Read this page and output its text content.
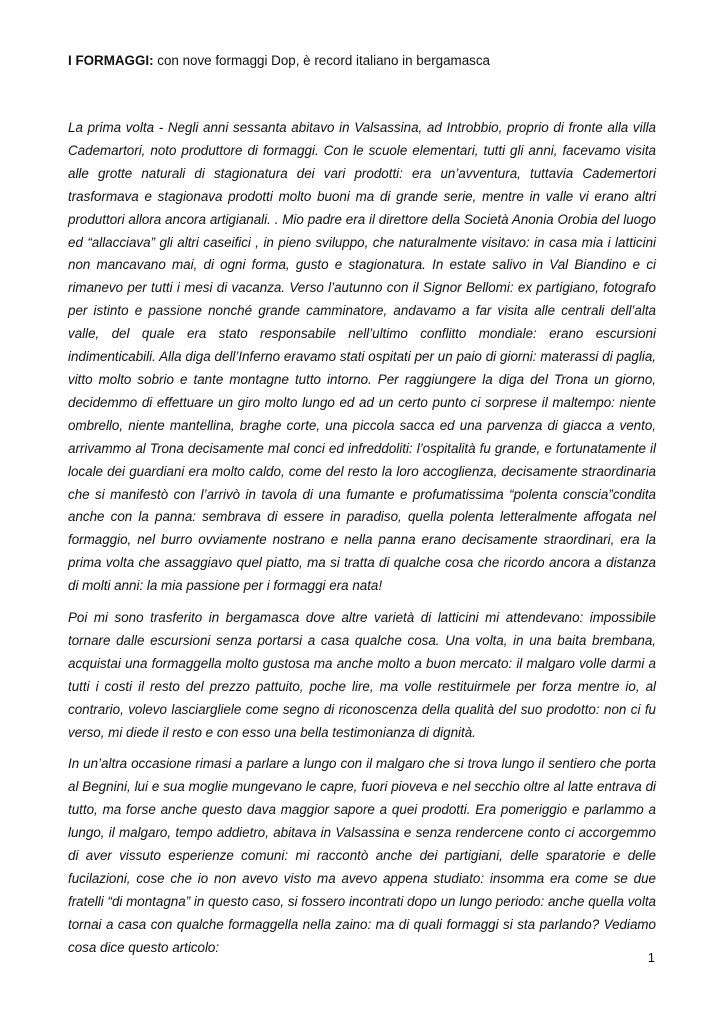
I FORMAGGI: con nove formaggi Dop, è record italiano in bergamasca

La prima volta - Negli anni sessanta abitavo in Valsassina, ad Introbbio, proprio di fronte alla villa Cademartori, noto produttore di formaggi. Con le scuole elementari, tutti gli anni, facevamo visita alle grotte naturali di stagionatura dei vari prodotti: era un’avventura, tuttavia Cademertori trasformava e stagionava prodotti molto buoni ma di grande serie, mentre in valle vi erano altri produttori allora ancora artigianali. . Mio padre era il direttore della Società Anonia Orobia del luogo ed “allacciava” gli altri caseifici , in pieno sviluppo, che naturalmente visitavo: in casa mia i latticini non mancavano mai, di ogni forma, gusto e stagionatura. In estate salivo in Val Biandino e ci rimanevo per tutti i mesi di vacanza. Verso l’autunno con il Signor Bellomi: ex partigiano, fotografo per istinto e passione nonché grande camminatore, andavamo a far visita alle centrali dell’alta valle, del quale era stato responsabile nell’ultimo conflitto mondiale: erano escursioni indimenticabili. Alla diga dell’Inferno eravamo stati ospitati per un paio di giorni: materassi di paglia, vitto molto sobrio e tante montagne tutto intorno. Per raggiungere la diga del Trona un giorno, decidemmo di effettuare un giro molto lungo ed ad un certo punto ci sorprese il maltempo: niente ombrello, niente mantellina, braghe corte, una piccola sacca ed una parvenza di giacca a vento, arrivammo al Trona decisamente mal conci ed infreddoliti: l’ospitalità fu grande, e fortunatamente il locale dei guardiani era molto caldo, come del resto la loro accoglienza, decisamente straordinaria che si manifestò con l’arrivò in tavola di una fumante e profumatissima “polenta conscia”condita anche con la panna: sembrava di essere in paradiso, quella polenta letteralmente affogata nel formaggio, nel burro ovviamente nostrano e nella panna erano decisamente straordinari, era la prima volta che assaggiavo quel piatto, ma si tratta di qualche cosa che ricordo ancora a distanza di molti anni: la mia passione per i formaggi era nata!

Poi mi sono trasferito in bergamasca dove altre varietà di latticini mi attendevano: impossibile tornare dalle escursioni senza portarsi a casa qualche cosa. Una volta, in una baita brembana, acquistai una formaggella molto gustosa ma anche molto a buon mercato: il malgaro volle darmi a tutti i costi il resto del prezzo pattuito, poche lire, ma volle restituirmele per forza mentre io, al contrario, volevo lasciargliele come segno di riconoscenza della qualità del suo prodotto: non ci fu verso, mi diede il resto e con esso una bella testimonianza di dignità.

In un’altra occasione rimasi a parlare a lungo con il malgaro che si trova lungo il sentiero che porta al Begnini, lui e sua moglie mungevano le capre, fuori pioveva e nel secchio oltre al latte entrava di tutto, ma forse anche questo dava maggior sapore a quei prodotti. Era pomeriggio e parlammo a lungo, il malgaro, tempo addietro, abitava in Valsassina e senza rendercene conto ci accorgemmo di aver vissuto esperienze comuni: mi raccontò anche dei partigiani, delle sparatorie e delle fucilazioni, cose che io non avevo visto ma avevo appena studiato: insomma era come se due fratelli “di montagna” in questo caso, si fossero incontrati dopo un lungo periodo: anche quella volta tornai a casa con qualche formaggella nella zaino: ma di quali formaggi si sta parlando? Vediamo cosa dice questo articolo:

1
